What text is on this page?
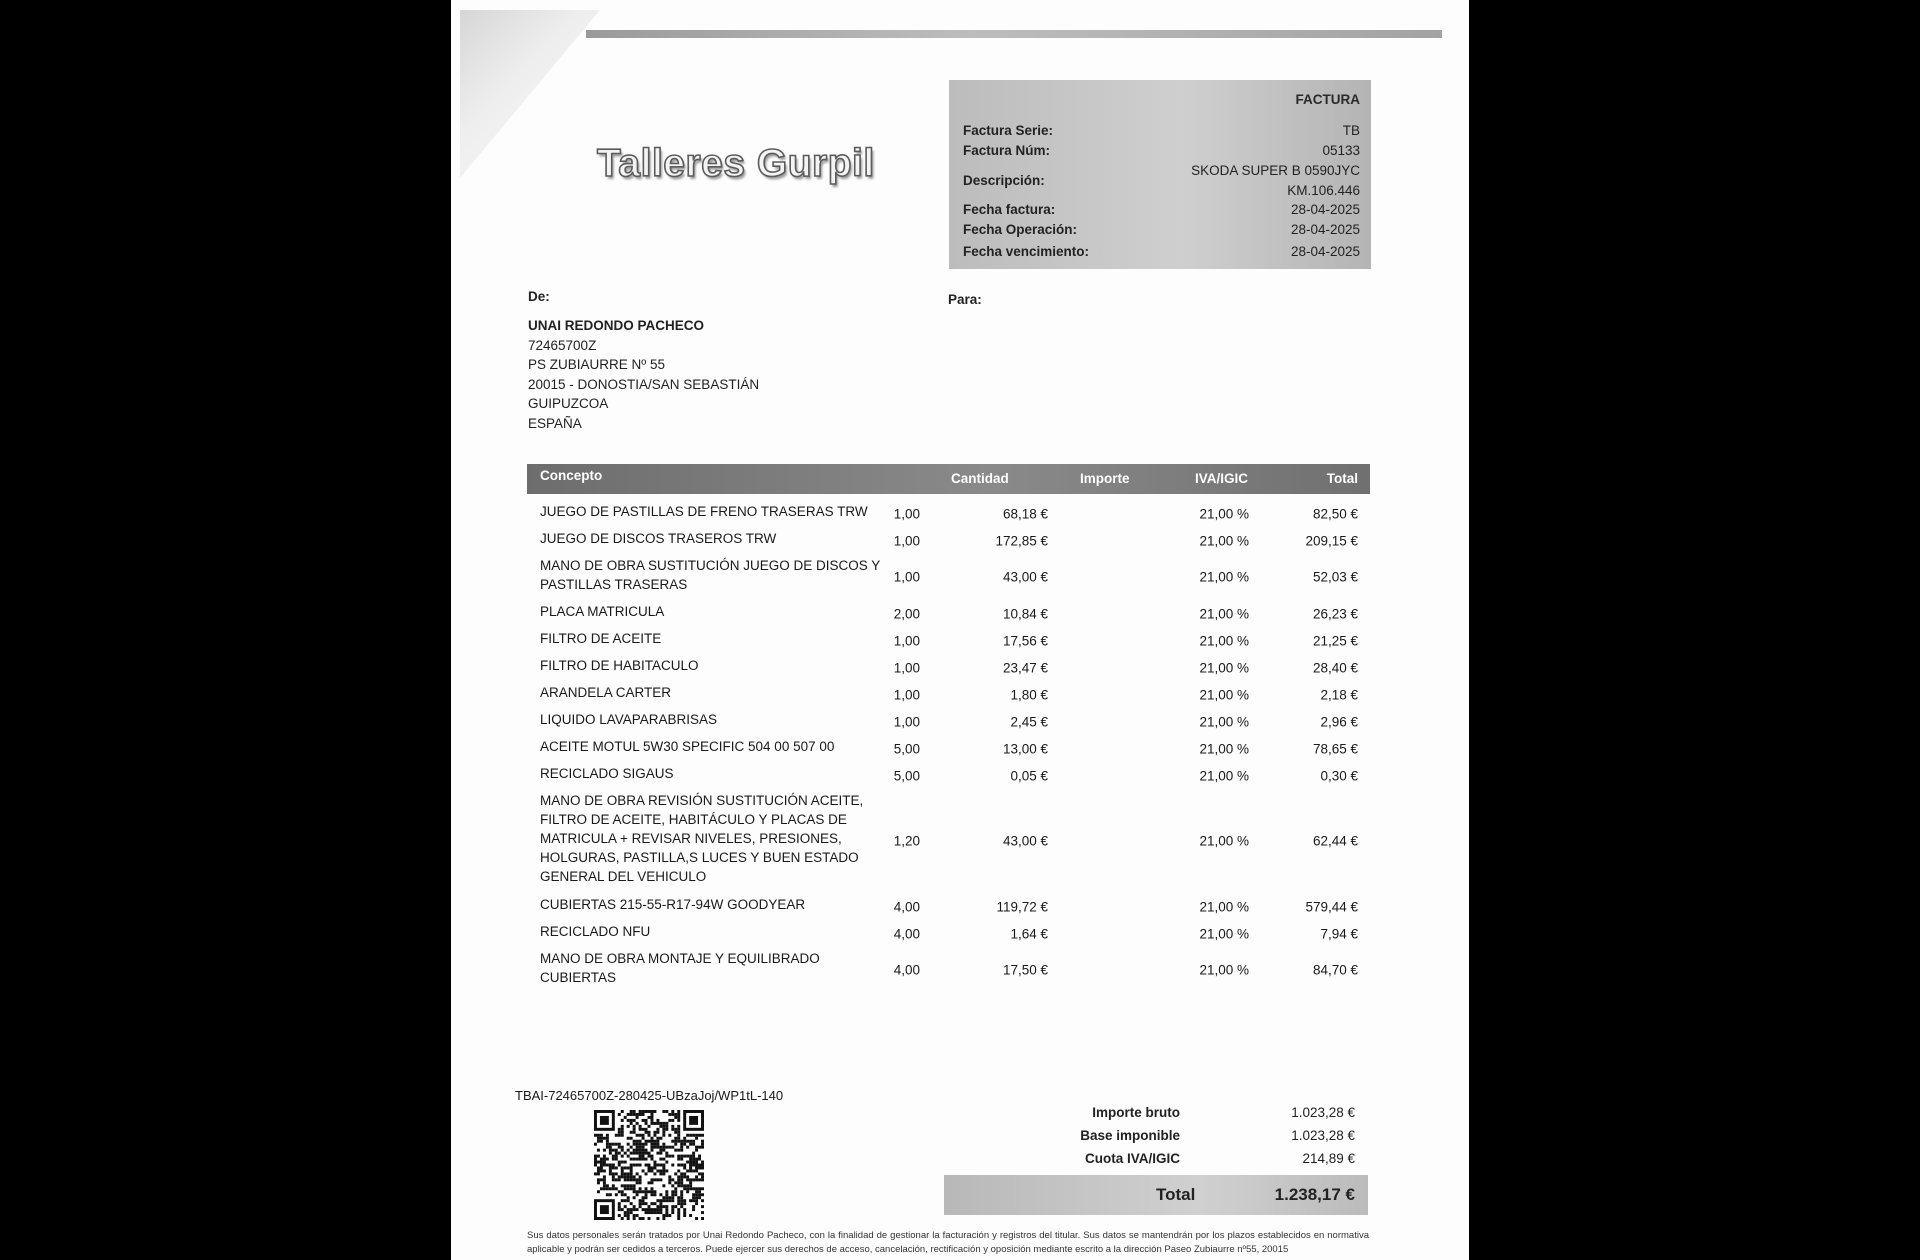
Talleres Gurpil
FACTURA
Factura Serie:	TB
Factura Núm:	05133
Descripción:
SKODA SUPER B 0590JYC
KM.106.446
Fecha factura:	28-04-2025
Fecha Operación:	28-04-2025
Fecha vencimiento:	28-04-2025
De:	Para:
UNAI REDONDO PACHECO
72465700Z
PS ZUBIAURRE Nº 55
20015 - DONOSTIA/SAN SEBASTIÁN
GUIPUZCOA
ESPAÑA
Concepto	Cantidad	Importe	IVA/IGIC	Total
JUEGO DE PASTILLAS DE FRENO TRASERAS TRW	1,00	68,18 €	21,00 %	82,50 €
JUEGO DE DISCOS TRASEROS TRW	1,00	172,85 €	21,00 %	209,15 €
MANO DE OBRA SUSTITUCIÓN JUEGO DE DISCOS Y PASTILLAS TRASERAS	1,00	43,00 €	21,00 %	52,03 €
PLACA MATRICULA	2,00	10,84 €	21,00 %	26,23 €
FILTRO DE ACEITE	1,00	17,56 €	21,00 %	21,25 €
FILTRO DE HABITACULO	1,00	23,47 €	21,00 %	28,40 €
ARANDELA CARTER	1,00	1,80 €	21,00 %	2,18 €
LIQUIDO LAVAPARABRISAS	1,00	2,45 €	21,00 %	2,96 €
ACEITE MOTUL 5W30 SPECIFIC 504 00 507 00	5,00	13,00 €	21,00 %	78,65 €
RECICLADO SIGAUS	5,00	0,05 €	21,00 %	0,30 €
MANO DE OBRA REVISIÓN SUSTITUCIÓN ACEITE, FILTRO DE ACEITE, HABITÁCULO Y PLACAS DE MATRICULA + REVISAR NIVELES, PRESIONES, HOLGURAS, PASTILLA,S LUCES Y BUEN ESTADO GENERAL DEL VEHICULO
1,20	43,00 €	21,00 %	62,44 €
CUBIERTAS 215-55-R17-94W GOODYEAR	4,00	119,72 €	21,00 %	579,44 €
RECICLADO NFU	4,00	1,64 €	21,00 %	7,94 €
MANO DE OBRA MONTAJE Y EQUILIBRADO CUBIERTAS	4,00	17,50 €	21,00 %	84,70 €
TBAI-72465700Z-280425-UBzaJoj/WP1tL-140
Importe bruto	1.023,28 €
Base imponible	1.023,28 €
Cuota IVA/IGIC	214,89 €
Total	1.238,17 €
Sus datos personales serán tratados por Unai Redondo Pacheco, con la finalidad de gestionar la facturación y registros del titular. Sus datos se mantendrán por los plazos establecidos en normativa aplicable y podrán ser cedidos a terceros. Puede ejercer sus derechos de acceso, cancelación, rectificación y oposición mediante escrito a la dirección Paseo Zubiaurre nº55, 20015
